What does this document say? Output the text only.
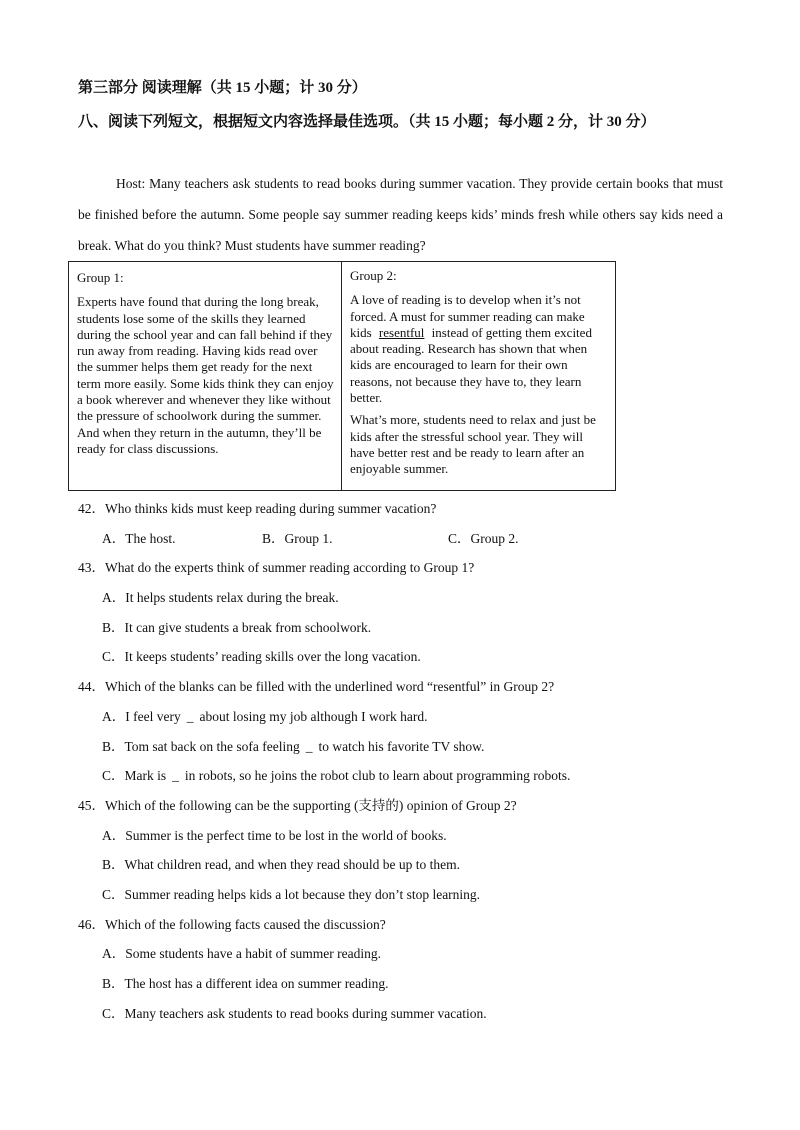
第三部分 阅读理解（共 15 小题；计 30 分）
八、阅读下列短文，根据短文内容选择最佳选项。（共 15 小题；每小题 2 分，计 30 分）
Host: Many teachers ask students to read books during summer vacation. They provide certain books that must be finished before the autumn. Some people say summer reading keeps kids’ minds fresh while others say kids need a break. What do you think? Must students have summer reading?
Group 1:

Experts have found that during the long break, students lose some of the skills they learned during the school year and can fall behind if they run away from reading. Having kids read over the summer helps them get ready for the next term more easily. Some kids think they can enjoy a book wherever and whenever they like without the pressure of schoolwork during the summer. And when they return in the autumn, they’ll be ready for class discussions.

Group 2:

A love of reading is to develop when it’s not forced. A must for summer reading can make kids resentful instead of getting them excited about reading. Research has shown that when kids are encouraged to learn for their own reasons, not because they have to, they learn better.

What’s more, students need to relax and just be kids after the stressful school year. They will have better rest and be ready to learn after an enjoyable summer.

42．Who thinks kids must keep reading during summer vacation?
A．The host.	B．Group 1.	C．Group 2.
43．What do the experts think of summer reading according to Group 1?
A．It helps students relax during the break.
B．It can give students a break from schoolwork.
C．It keeps students’ reading skills over the long vacation.
44．Which of the blanks can be filled with the underlined word “resentful” in Group 2?
A．I feel very _ about losing my job although I work hard.
B．Tom sat back on the sofa feeling _ to watch his favorite TV show.
C．Mark is _ in robots, so he joins the robot club to learn about programming robots.
45．Which of the following can be the supporting (支持的) opinion of Group 2?
A．Summer is the perfect time to be lost in the world of books.
B．What children read, and when they read should be up to them.
C．Summer reading helps kids a lot because they don’t stop learning.
46．Which of the following facts caused the discussion?
A．Some students have a habit of summer reading.
B．The host has a different idea on summer reading.
C．Many teachers ask students to read books during summer vacation.
